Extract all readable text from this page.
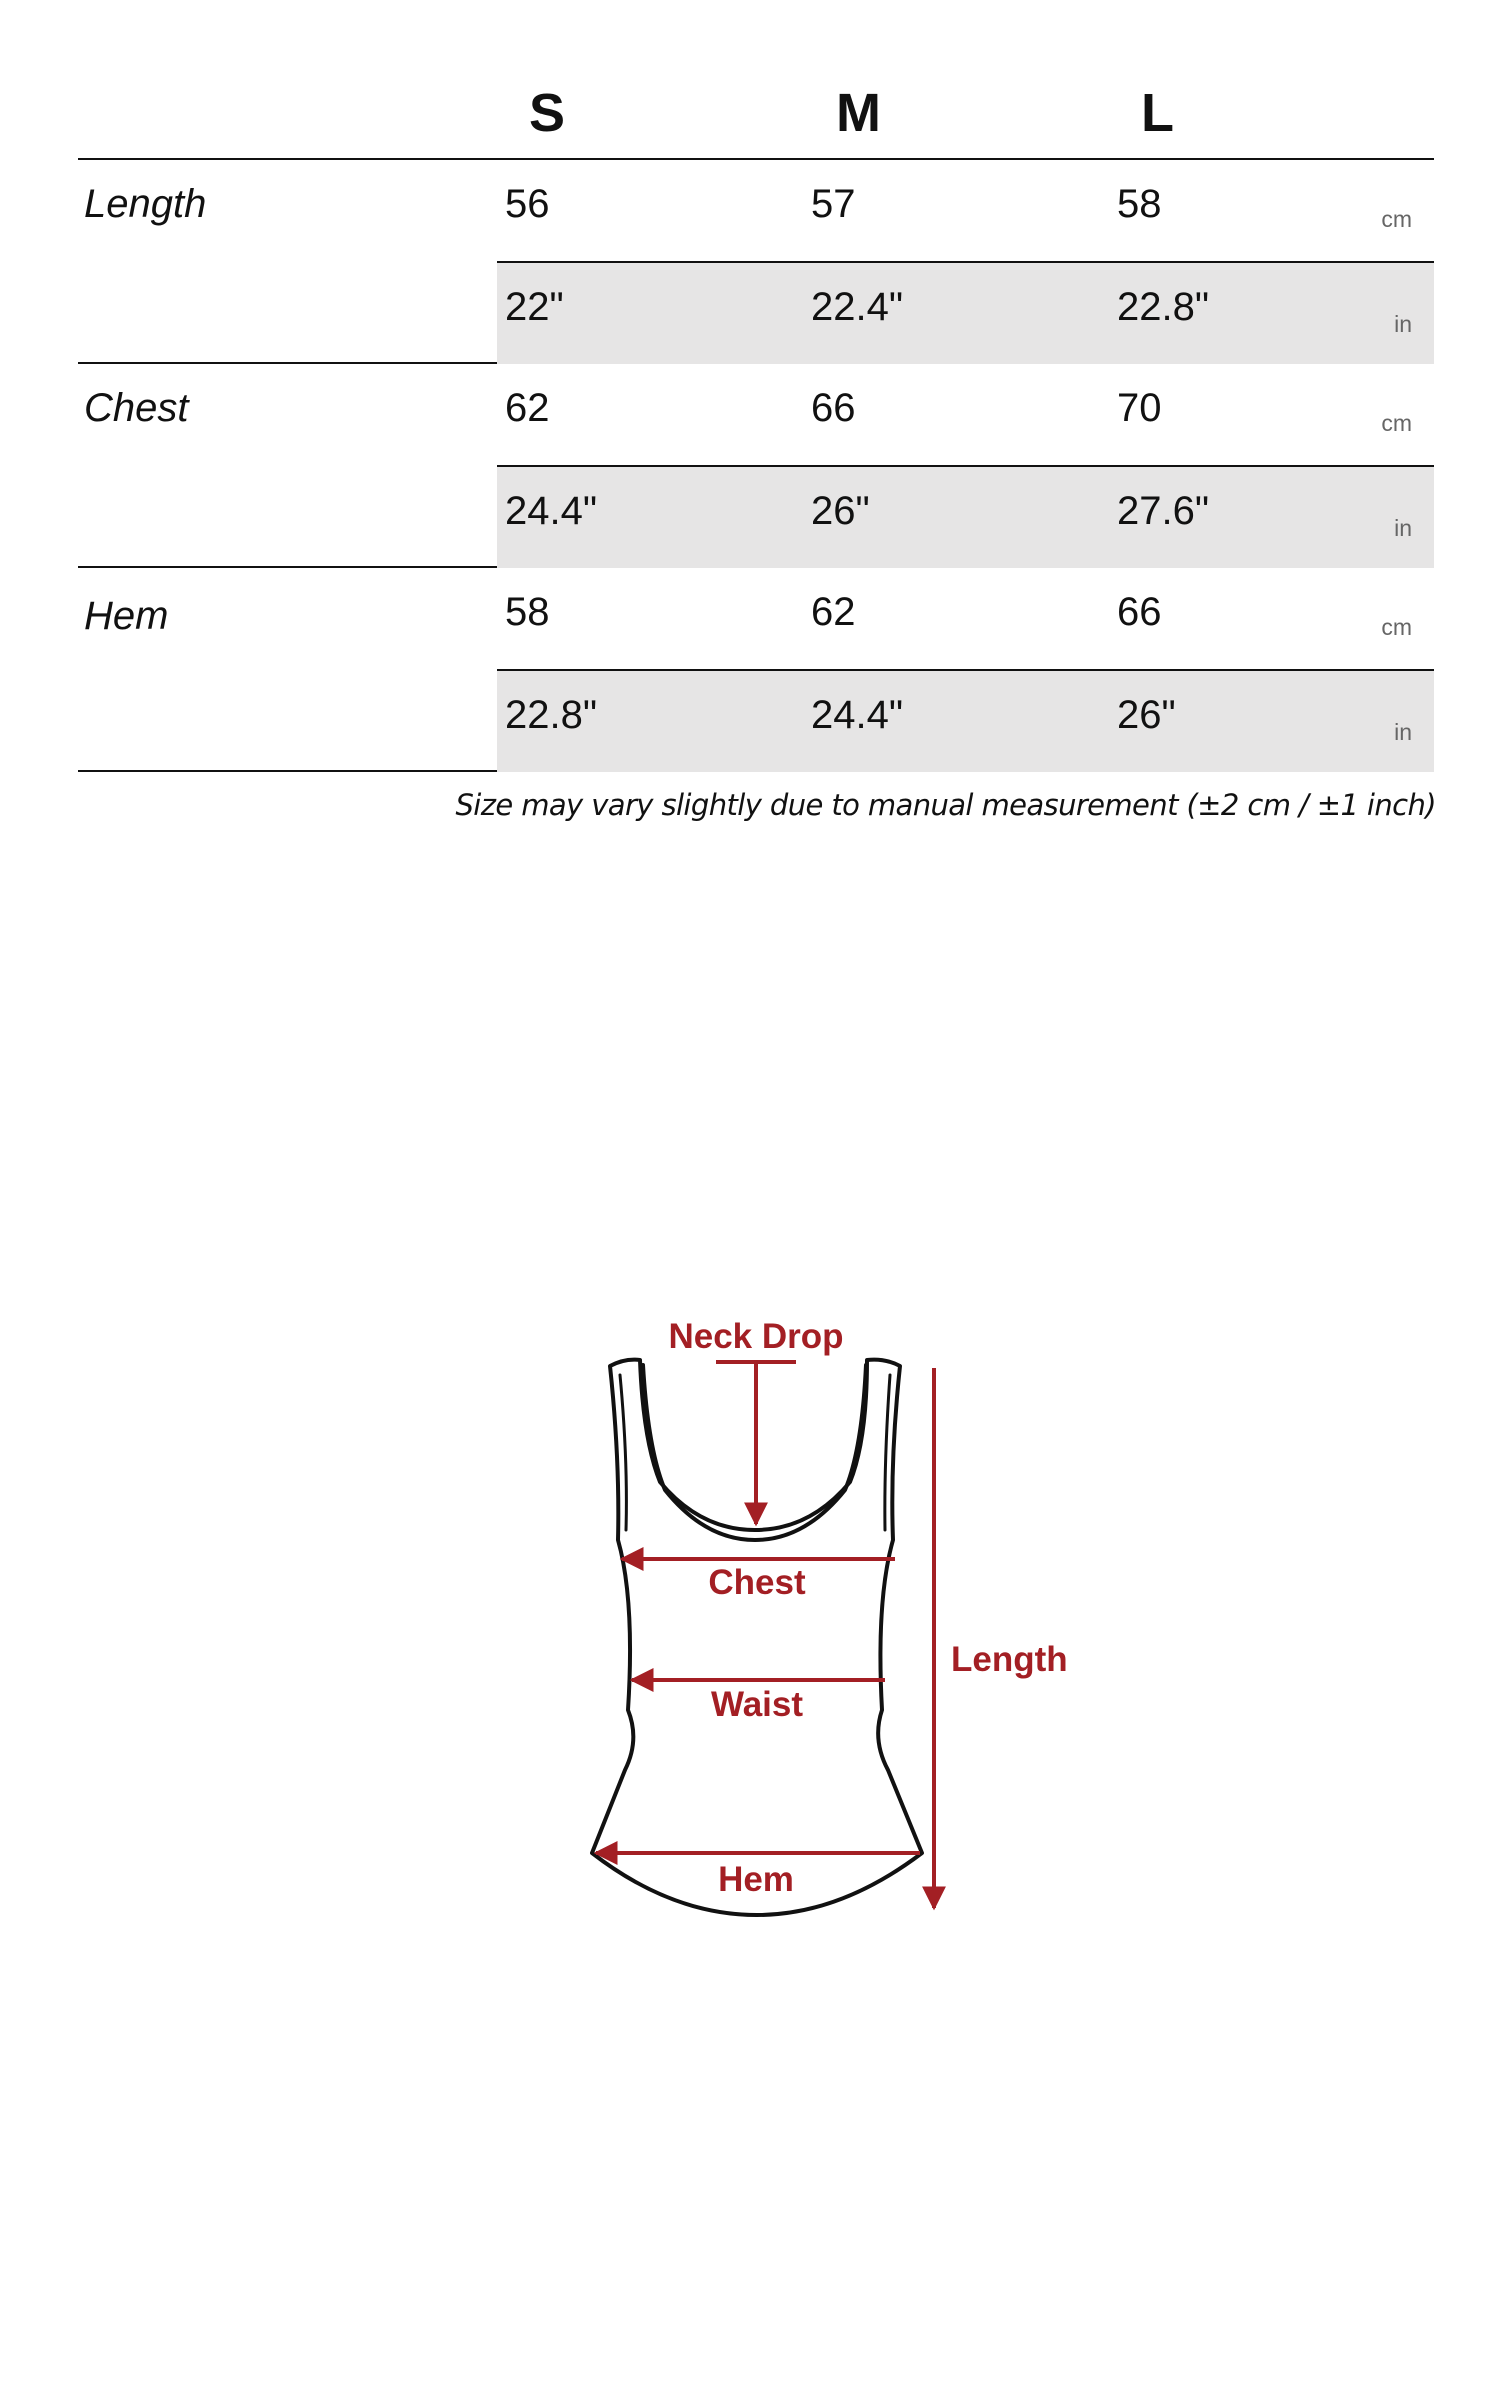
S	M	L
Length	56	57	58	cm
22"	22.4"	22.8"	in
Chest	62	66	70	cm
24.4"	26"	27.6"	in
Hem	58	62	66	cm
22.8"	24.4"	26"	in
Size may vary slightly due to manual measurement (±2 cm / ±1 inch)
Neck Drop
Chest
Waist
Hem
Length
